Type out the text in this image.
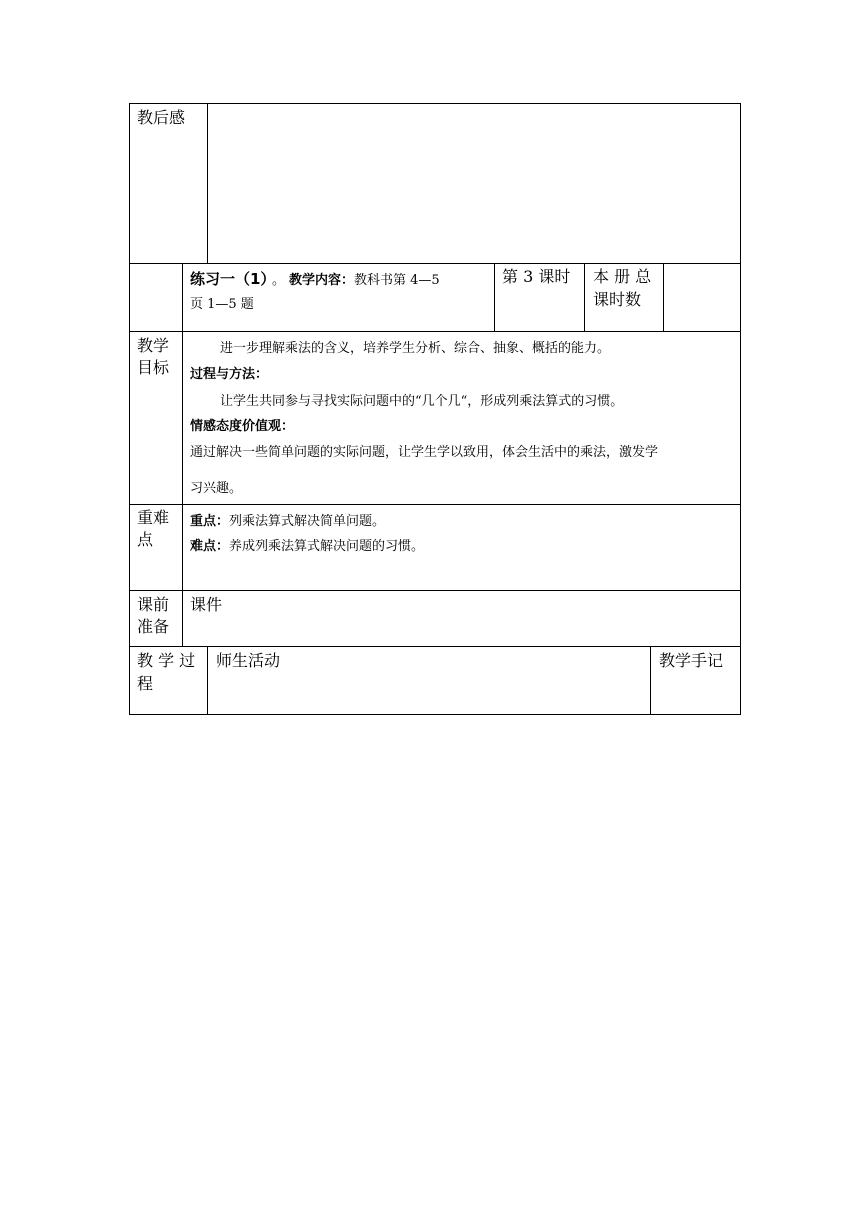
教后感
练习一（1） 。 教学内容：教科书第 4—5
页 1—5 题
第 3 课时 本 册 总
课时数
教学
目标
进一步理解乘法的含义，培养学生分析、综合、抽象、概括的能力。
过程与方法：
让学生共同参与寻找实际问题中的“几个几“，形成列乘法算式的习惯。
情感态度价值观：
通过解决一些简单问题的实际问题，让学生学以致用，体会生活中的乘法，激发学
习兴趣。
重难
点
重点：列乘法算式解决简单问题。
难点：养成列乘法算式解决问题的习惯。
课前
准备
课件
教 学 过
程
师生活动	教学手记
